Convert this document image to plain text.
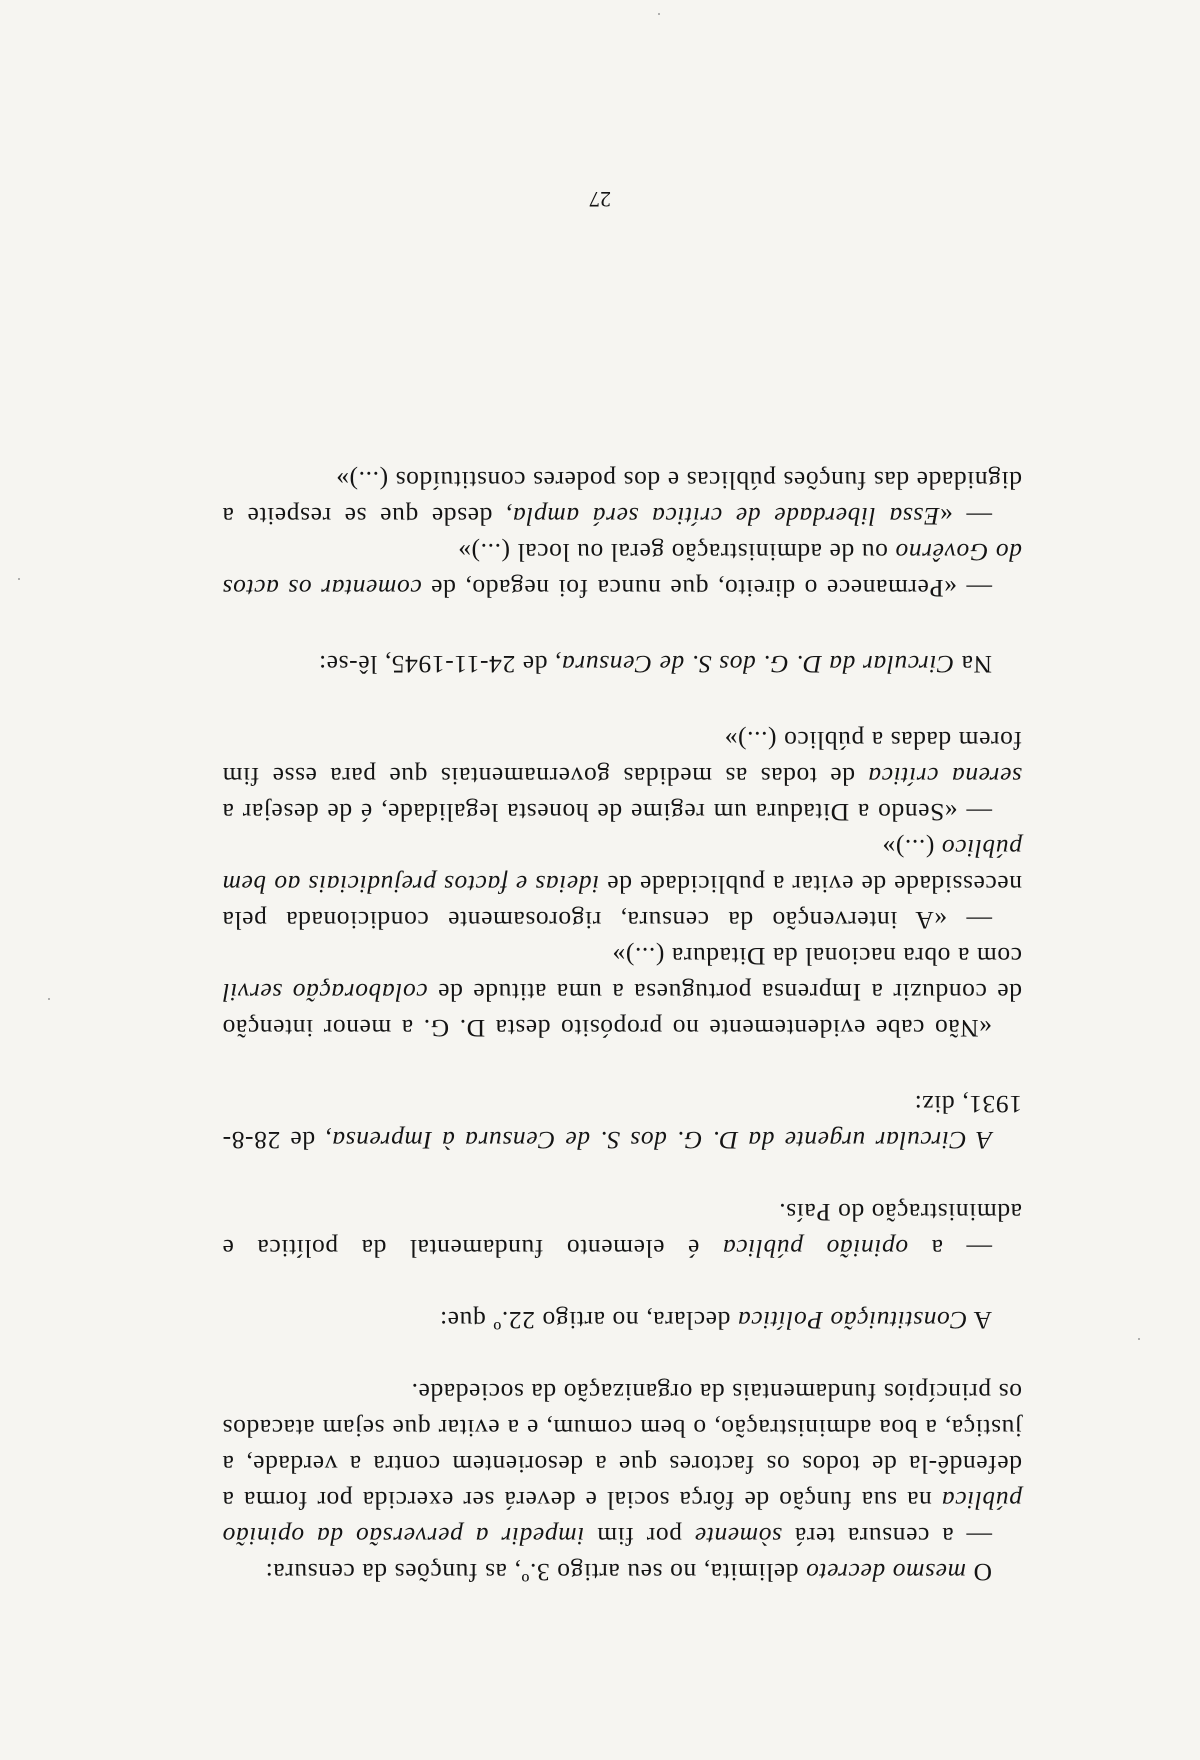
O mesmo decreto delimita, no seu artigo 3.º, as funções da censura:

— a censura terá sòmente por fim impedir a perversão da opinião pública na sua função de fôrça social e deverá ser exercida por forma a defendê-la de todos os factores que a desorientem contra a verdade, a justiça, a boa administração, o bem comum, e a evitar que sejam atacados os princípios fundamentais da organização da sociedade.

A Constituição Política declara, no artigo 22.º que:

— a opinião pública é elemento fundamental da política e administração do País.

A Circular urgente da D. G. dos S. de Censura à Imprensa, de 28-8-1931, diz:

«Não cabe evidentemente no propósito desta D. G. a menor intenção de conduzir a Imprensa portuguesa a uma atitude de colaboração servil com a obra nacional da Ditadura (...)»

— «A intervenção da censura, rigorosamente condicionada pela necessidade de evitar a publicidade de ideias e factos prejudiciais ao bem público (...)»

— «Sendo a Ditadura um regime de honesta legalidade, é de desejar a serena crítica de todas as medidas governamentais que para esse fim forem dadas a público (...)»

Na Circular da D. G. dos S. de Censura, de 24-11-1945, lê-se:

— «Permanece o direito, que nunca foi negado, de comentar os actos do Govêrno ou de administração geral ou local (...)»

— «Essa liberdade de crítica será ampla, desde que se respeite a dignidade das funções públicas e dos poderes constituídos (...)»

27
